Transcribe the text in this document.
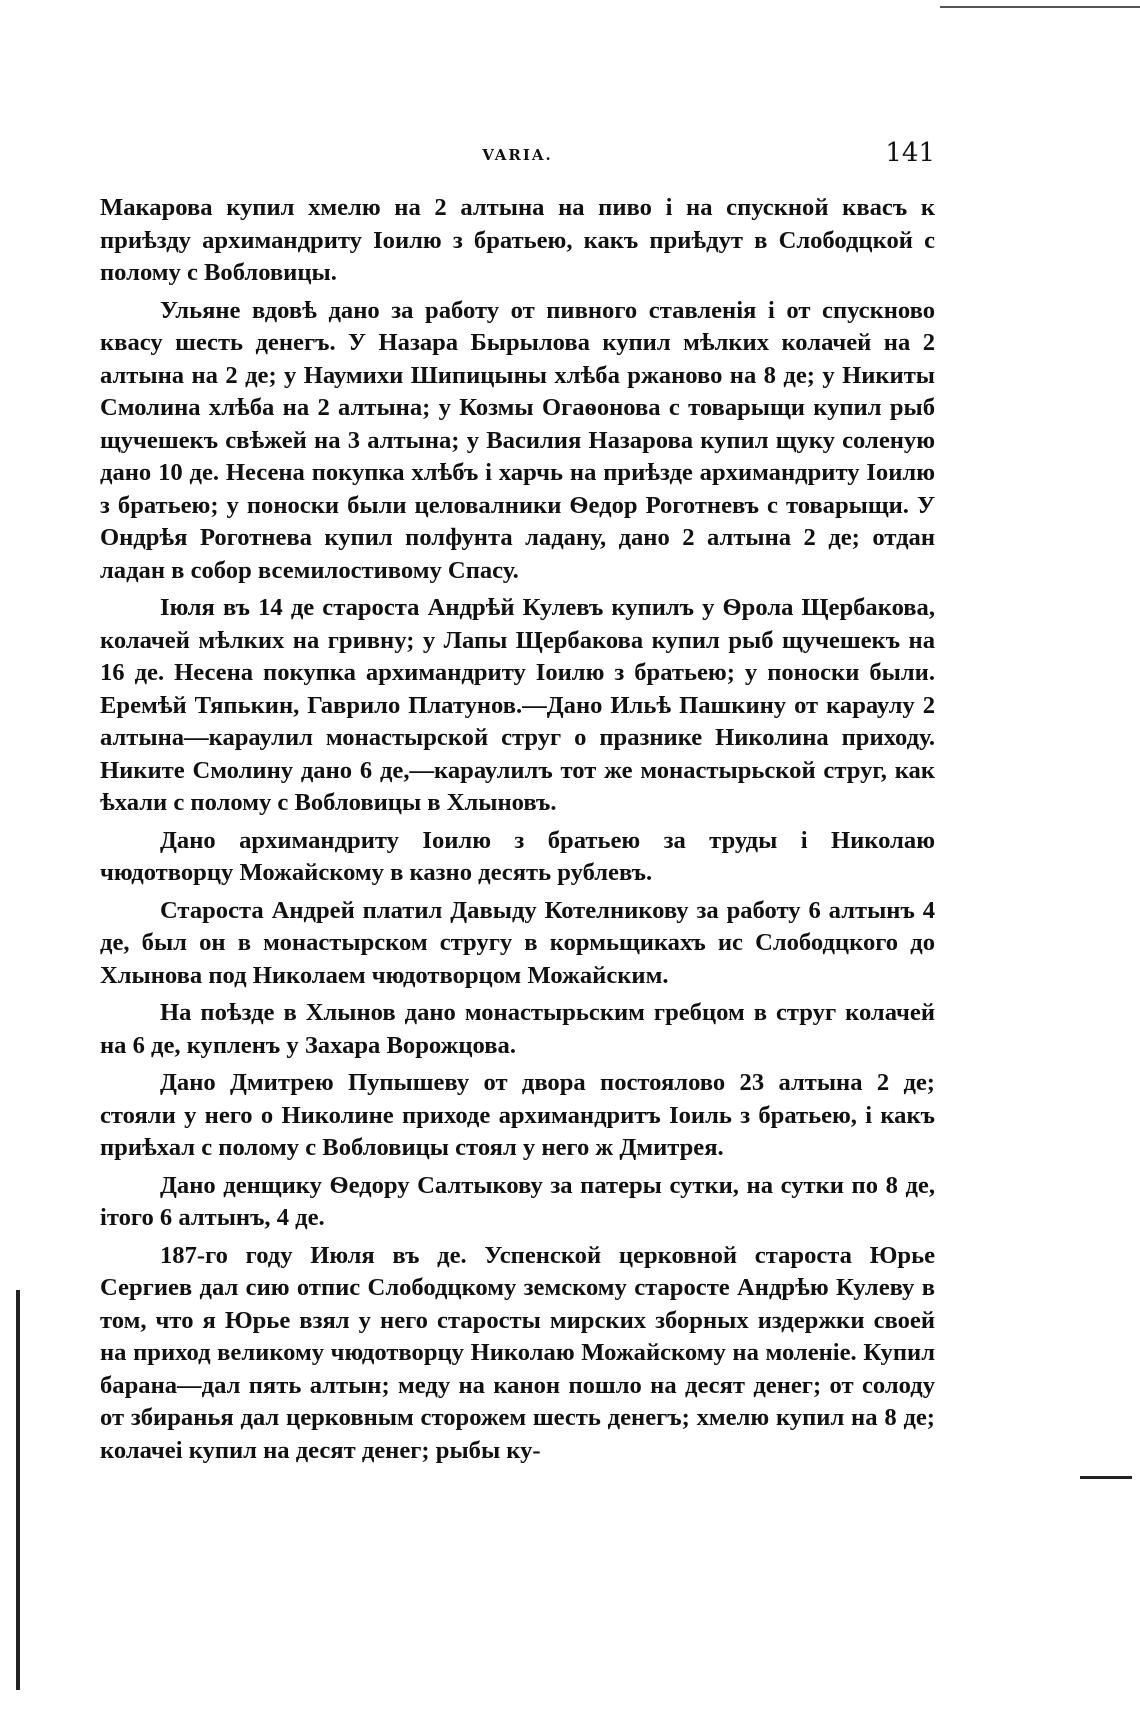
VARIA.	141

Макарова купил хмелю на 2 алтына на пиво і на спускной квасъ к приѣзду архимандриту Іоилю з братьею, какъ приѣдут в Слободцкой с полому с Вобловицы.

Ульяне вдовѣ дано за работу от пивного ставленія і от спускново квасу шесть денегъ. У Назара Бырылова купил мѣлких колачей на 2 алтына на 2 де; у Наумихи Шипицыны хлѣба ржаново на 8 де; у Никиты Смолина хлѣба на 2 алтына; у Козмы Огаѳонова с товарыщи купил рыб щучешекъ свѣжей на 3 алтына; у Василия Назарова купил щуку соленую дано 10 де. Несена покупка хлѣбъ і харчь на приѣзде архимандриту Іоилю з братьею; у поноски были целовалники Ѳедор Роготневъ с товарыщи. У Ондрѣя Роготнева купил полфунта ладану, дано 2 алтына 2 де; отдан ладан в собор всемилостивому Спасу.

Іюля въ 14 де староста Андрѣй Кулевъ купилъ у Ѳрола Щербакова, колачей мѣлких на гривну; у Лапы Щербакова купил рыб щучешекъ на 16 де. Несена покупка архимандриту Іоилю з братьею; у поноски были. Еремѣй Тяпькин, Гаврило Платунов.—Дано Ильѣ Пашкину от караулу 2 алтына—караулил монастырской струг о празнике Николина приходу. Никите Смолину дано 6 де,—караулилъ тот же монастырьской струг, как ѣхали с полому с Вобловицы в Хлыновъ.

Дано архимандриту Іоилю з братьею за труды і Николаю чюдотворцу Можайскому в казно десять рублевъ.

Староста Андрей платил Давыду Котелникову за работу 6 алтынъ 4 де, был он в монастырском стругу в кормьщикахъ ис Слободцкого до Хлынова под Николаем чюдотворцом Можайским.

На поѣзде в Хлынов дано монастырьским гребцом в струг колачей на 6 де, купленъ у Захара Ворожцова.

Дано Дмитрею Пупышеву от двора постоялово 23 алтына 2 де; стояли у него о Николине приходе архимандритъ Іоиль з братьею, і какъ приѣхал с полому с Вобловицы стоял у него ж Дмитрея.

Дано денщику Ѳедору Салтыкову за патеры сутки, на сутки по 8 де, ітого 6 алтынъ, 4 де.

187-го году Июля въ де. Успенской церковной староста Юрье Сергиев дал сию отпис Слободцкому земскому старосте Андрѣю Кулеву в том, что я Юрье взял у него старосты мирских зборных издержки своей на приход великому чюдотворцу Николаю Можайскому на моленіе. Купил барана—дал пять алтын; меду на канон пошло на десят денег; от солоду от збиранья дал церковным сторожем шесть денегъ; хмелю купил на 8 де; колачеі купил на десят денег; рыбы ку-
